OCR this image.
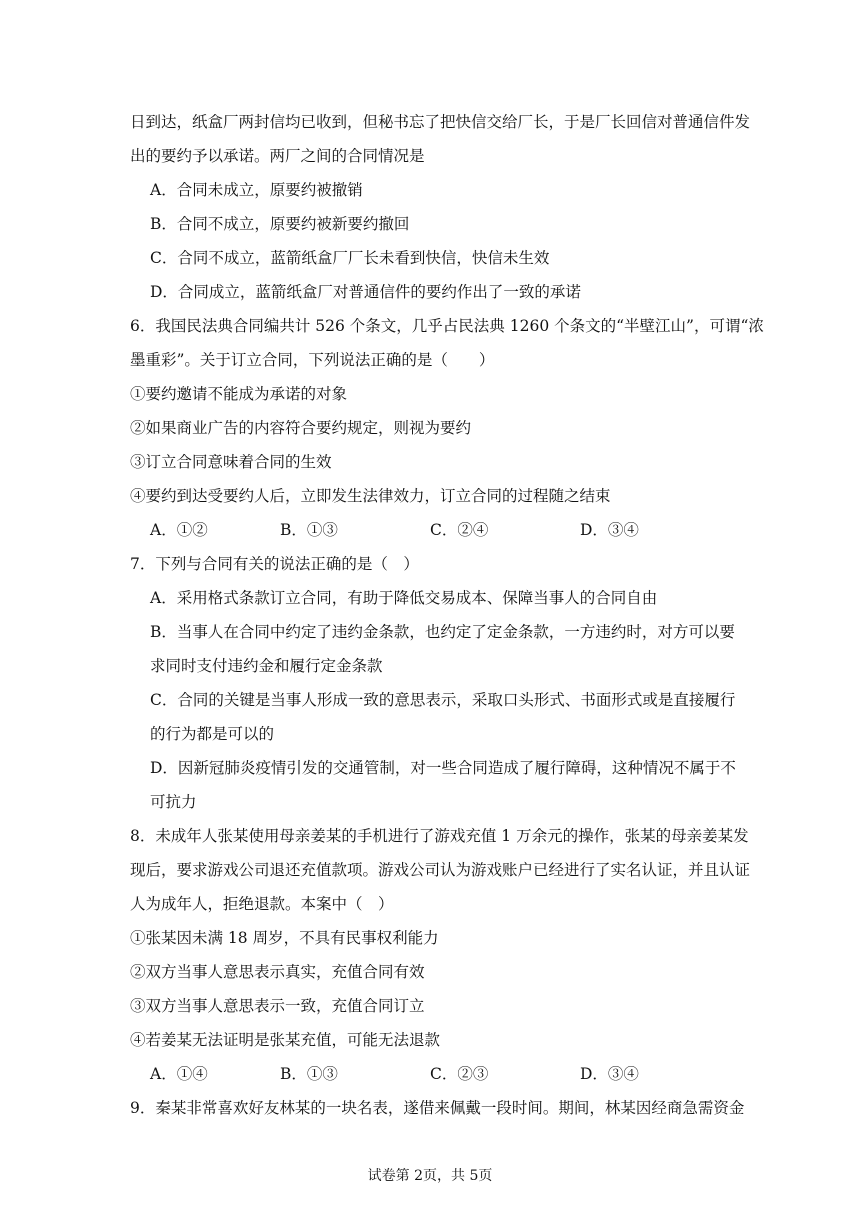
日到达，纸盒厂两封信均已收到，但秘书忘了把快信交给厂长，于是厂长回信对普通信件发
出的要约予以承诺。两厂之间的合同情况是
A．合同未成立，原要约被撤销
B．合同不成立，原要约被新要约撤回
C．合同不成立，蓝箭纸盒厂厂长未看到快信，快信未生效
D．合同成立，蓝箭纸盒厂对普通信件的要约作出了一致的承诺
6．我国民法典合同编共计 526 个条文，几乎占民法典 1260 个条文的“半壁江山”，可谓“浓
墨重彩”。关于订立合同，下列说法正确的是（　　）
①要约邀请不能成为承诺的对象
②如果商业广告的内容符合要约规定，则视为要约
③订立合同意味着合同的生效
④要约到达受要约人后，立即发生法律效力，订立合同的过程随之结束
A．①②	B．①③	C．②④	D．③④
7．下列与合同有关的说法正确的是（　）
A．采用格式条款订立合同，有助于降低交易成本、保障当事人的合同自由
B．当事人在合同中约定了违约金条款，也约定了定金条款，一方违约时，对方可以要
求同时支付违约金和履行定金条款
C．合同的关键是当事人形成一致的意思表示，采取口头形式、书面形式或是直接履行
的行为都是可以的
D．因新冠肺炎疫情引发的交通管制，对一些合同造成了履行障碍，这种情况不属于不
可抗力
8．未成年人张某使用母亲姜某的手机进行了游戏充值 1 万余元的操作，张某的母亲姜某发
现后，要求游戏公司退还充值款项。游戏公司认为游戏账户已经进行了实名认证，并且认证
人为成年人，拒绝退款。本案中（　）
①张某因未满 18 周岁，不具有民事权利能力
②双方当事人意思表示真实，充值合同有效
③双方当事人意思表示一致，充值合同订立
④若姜某无法证明是张某充值，可能无法退款
A．①④	B．①③	C．②③	D．③④
9．秦某非常喜欢好友林某的一块名表，遂借来佩戴一段时间。期间，林某因经商急需资金
试卷第 2页，共 5页
